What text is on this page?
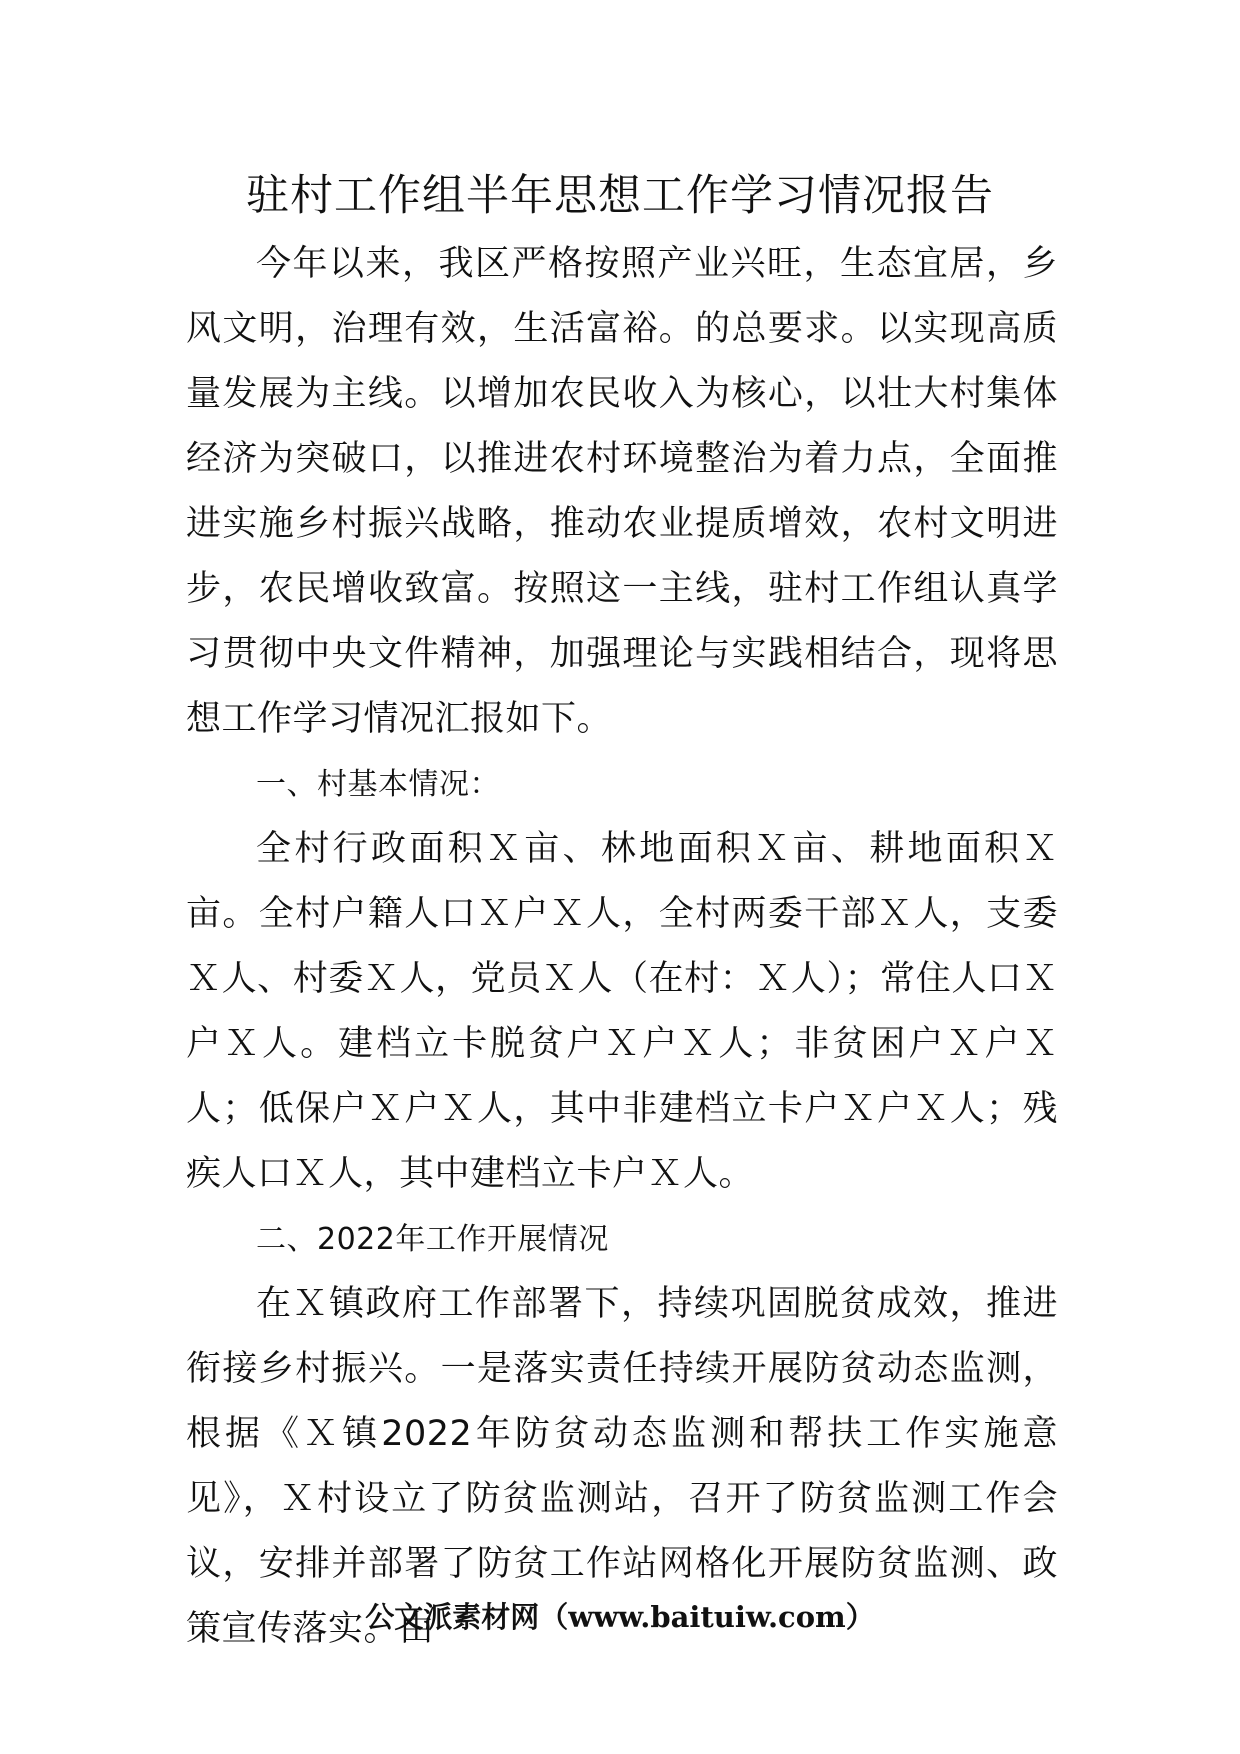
驻村工作组半年思想工作学习情况报告

今年以来，我区严格按照产业兴旺，生态宜居，乡风文明，治理有效，生活富裕。的总要求。以实现高质量发展为主线。以增加农民收入为核心，以壮大村集体经济为突破口，以推进农村环境整治为着力点，全面推进实施乡村振兴战略，推动农业提质增效，农村文明进步，农民增收致富。按照这一主线，驻村工作组认真学习贯彻中央文件精神，加强理论与实践相结合，现将思想工作学习情况汇报如下。

一、村基本情况：

全村行政面积Ｘ亩、林地面积Ｘ亩、耕地面积Ｘ亩。全村户籍人口Ｘ户Ｘ人，全村两委干部Ｘ人，支委Ｘ人、村委Ｘ人，党员Ｘ人（在村：Ｘ人）；常住人口Ｘ户Ｘ人。建档立卡脱贫户Ｘ户Ｘ人；非贫困户Ｘ户Ｘ人；低保户Ｘ户Ｘ人，其中非建档立卡户Ｘ户Ｘ人；残疾人口Ｘ人，其中建档立卡户Ｘ人。

二、2022年工作开展情况

在Ｘ镇政府工作部署下，持续巩固脱贫成效，推进衔接乡村振兴。一是落实责任持续开展防贫动态监测，根据《Ｘ镇2022年防贫动态监测和帮扶工作实施意见》，Ｘ村设立了防贫监测站，召开了防贫监测工作会议，安排并部署了防贫工作站网格化开展防贫监测、政策宣传落实。由

公文派素材网（www.baituiw.com）
